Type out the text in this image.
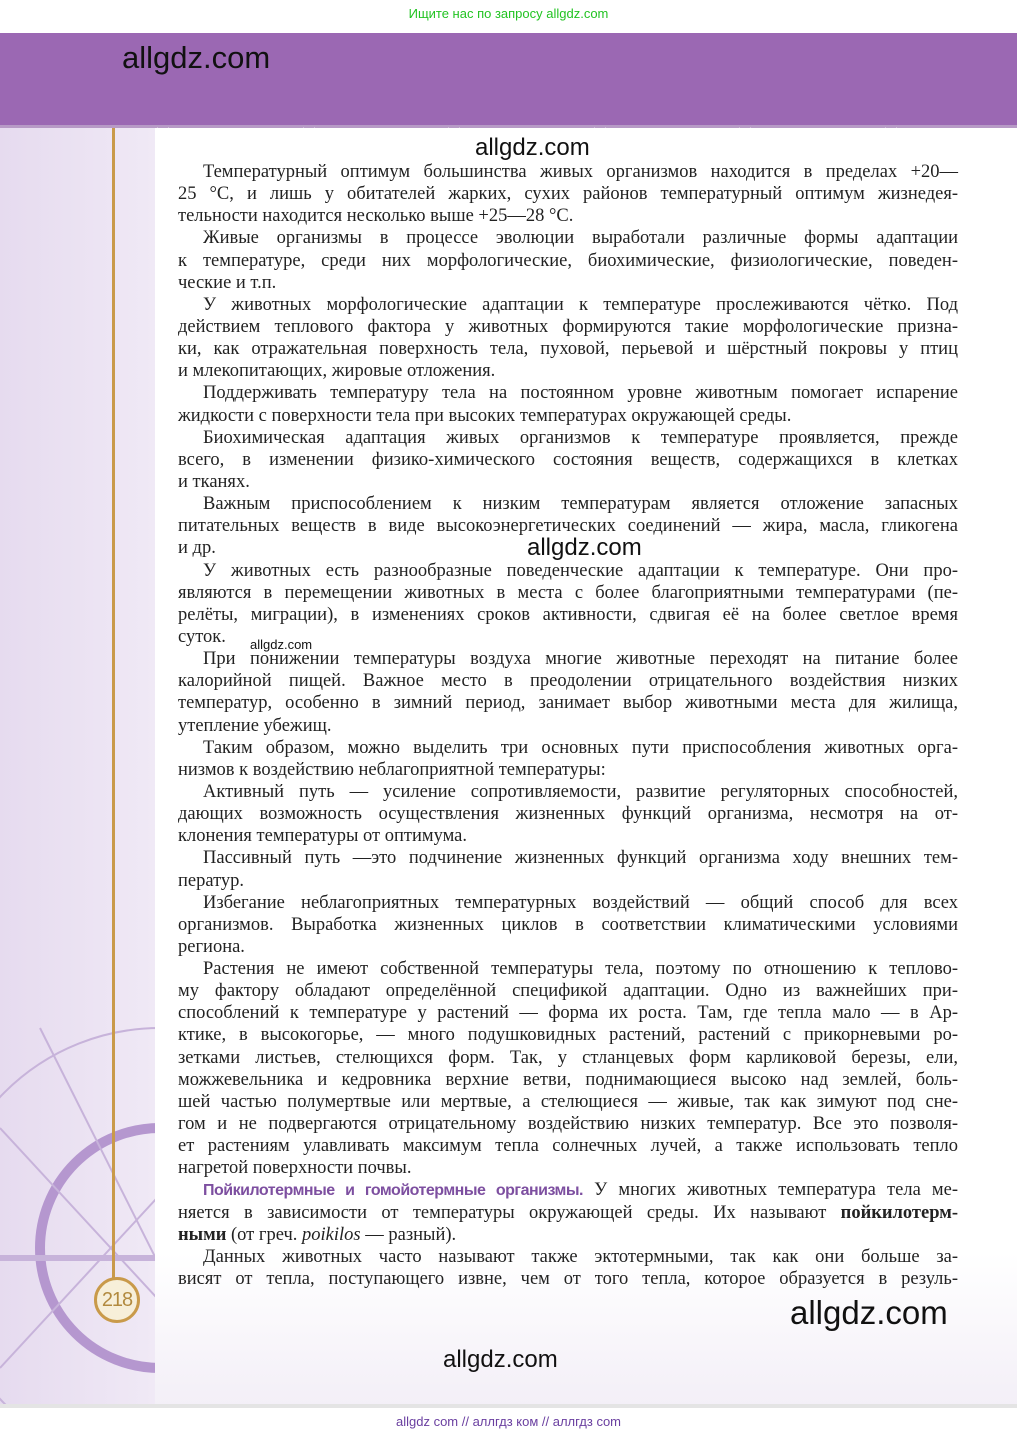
Ищите нас по запросу allgdz.com
218
Температурный оптимум большинства живых организмов находится в пределах +20—
25 °С, и лишь у обитателей жарких, сухих районов температурный оптимум жизнедея-
тельности находится несколько выше +25—28 °С.
Живые организмы в процессе эволюции выработали различные формы адаптации
к температуре, среди них морфологические, биохимические, физиологические, поведен-
ческие и т.п.
У животных морфологические адаптации к температуре прослеживаются чётко. Под
действием теплового фактора у животных формируются такие морфологические призна-
ки, как отражательная поверхность тела, пуховой, перьевой и шёрстный покровы у птиц
и млекопитающих, жировые отложения.
Поддерживать температуру тела на постоянном уровне животным помогает испарение
жидкости с поверхности тела при высоких температурах окружающей среды.
Биохимическая адаптация живых организмов к температуре проявляется, прежде
всего, в изменении физико-химического состояния веществ, содержащихся в клетках
и тканях.
Важным приспособлением к низким температурам является отложение запасных
питательных веществ в виде высокоэнергетических соединений — жира, масла, гликогена
и др.
У животных есть разнообразные поведенческие адаптации к температуре. Они про-
являются в перемещении животных в места с более благоприятными температурами (пе-
релёты, миграции), в изменениях сроков активности, сдвигая её на более светлое время
суток.
При понижении температуры воздуха многие животные переходят на питание более
калорийной пищей. Важное место в преодолении отрицательного воздействия низких
температур, особенно в зимний период, занимает выбор животными места для жилища,
утепление убежищ.
Таким образом, можно выделить три основных пути приспособления животных орга-
низмов к воздействию неблагоприятной температуры:
Активный путь — усиление сопротивляемости, развитие регуляторных способностей,
дающих возможность осуществления жизненных функций организма, несмотря на от-
клонения температуры от оптимума.
Пассивный путь —это подчинение жизненных функций организма ходу внешних тем-
ператур.
Избегание неблагоприятных температурных воздействий — общий способ для всех
организмов. Выработка жизненных циклов в соответствии климатическими условиями
региона.
Растения не имеют собственной температуры тела, поэтому по отношению к теплово-
му фактору обладают определённой спецификой адаптации. Одно из важнейших при-
способлений к температуре у растений — форма их роста. Там, где тепла мало — в Ар-
ктике, в высокогорье, — много подушковидных растений, растений с прикорневыми ро-
зетками листьев, стелющихся форм. Так, у стланцевых форм карликовой березы, ели,
можжевельника и кедровника верхние ветви, поднимающиеся высоко над землей, боль-
шей частью полумертвые или мертвые, а стелющиеся — живые, так как зимуют под сне-
гом и не подвергаются отрицательному воздействию низких температур. Все это позволя-
ет растениям улавливать максимум тепла солнечных лучей, а также использовать тепло
нагретой поверхности почвы.
Пойкилотермные и гомойотермные организмы. У многих животных температура тела ме-
няется в зависимости от температуры окружающей среды. Их называют пойкилотерм-
ными (от греч. poikilos — разный).
Данных животных часто называют также эктотермными, так как они больше за-
висят от тепла, поступающего извне, чем от того тепла, которое образуется в резуль-
allgdz.com
allgdz.com
allgdz.com
allgdz.com
allgdz.com
allgdz.com
allgdz com // аллгдз ком // аллгдз com
